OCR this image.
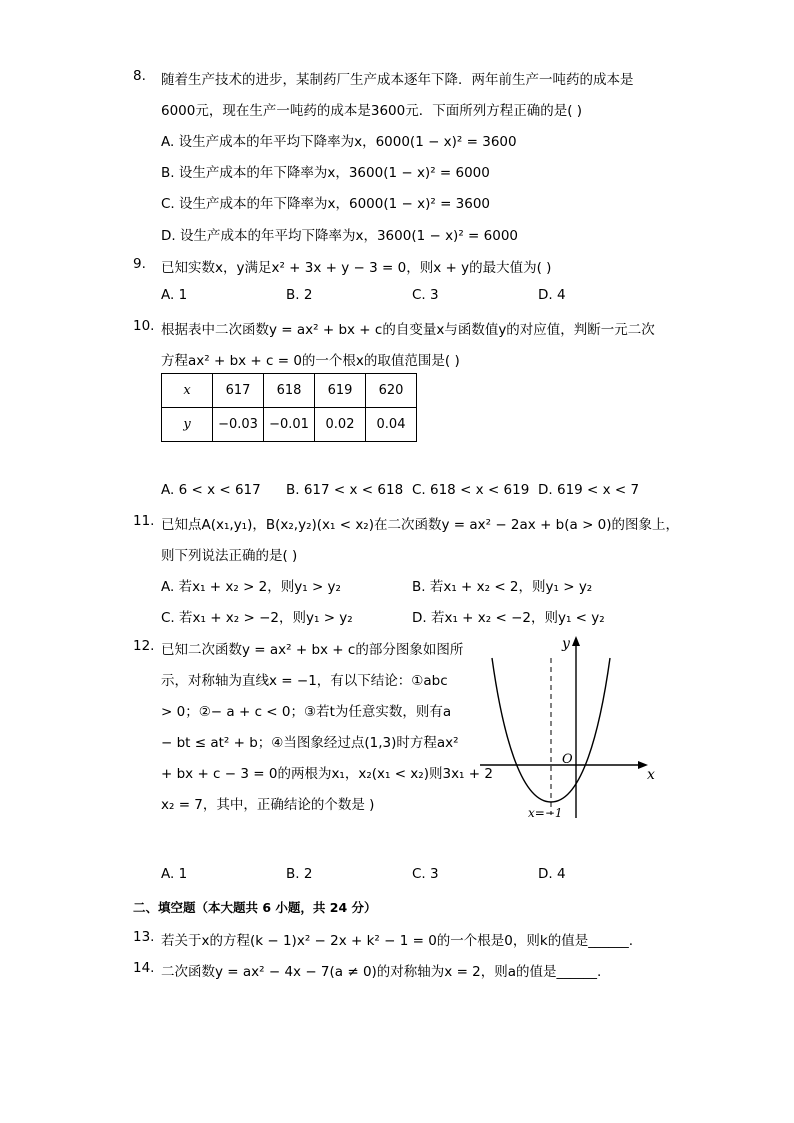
8. 随着生产技术的进步，某制药厂生产成本逐年下降．两年前生产一吨药的成本是
6000元，现在生产一吨药的成本是3600元．下面所列方程正确的是( )
A. 设生产成本的年平均下降率为x，6000(1 − x)² = 3600
B. 设生产成本的年下降率为x，3600(1 − x)² = 6000
C. 设生产成本的年下降率为x，6000(1 − x)² = 3600
D. 设生产成本的年平均下降率为x，3600(1 − x)² = 6000
9. 已知实数x，y满足x² + 3x + y − 3 = 0，则x + y的最大值为( )
A. 1	B. 2	C. 3	D. 4
10. 根据表中二次函数y = ax² + bx + c的自变量x与函数值y的对应值，判断一元二次
方程ax² + bx + c = 0的一个根x的取值范围是( )
x	617	618	619	620
y	−0.03	−0.01	0.02	0.04
A. 6 < x < 617 B. 617 < x < 618 C. 618 < x < 619 D. 619 < x < 7
11. 已知点A(x₁,y₁)，B(x₂,y₂)(x₁ < x₂)在二次函数y = ax² − 2ax + b(a > 0)的图象上，
则下列说法正确的是( )
A. 若x₁ + x₂ > 2，则y₁ > y₂	B. 若x₁ + x₂ < 2，则y₁ > y₂
C. 若x₁ + x₂ > −2，则y₁ > y₂	D. 若x₁ + x₂ < −2，则y₁ < y₂
12. 已知二次函数y = ax² + bx + c的部分图象如图所
示，对称轴为直线x = −1，有以下结论：①abc
> 0；②− a + c < 0；③若t为任意实数，则有a
− bt ≤ at² + b；④当图象经过点(1,3)时方程ax²
+ bx + c − 3 = 0的两根为x₁，x₂(x₁ < x₂)则3x₁ + 2
x₂ = 7，其中，正确结论的个数是 )
y
x
O
x=−1
A. 1	B. 2	C. 3	D. 4
二、填空题（本大题共 6 小题，共 24 分）
13. 若关于x的方程(k − 1)x² − 2x + k² − 1 = 0的一个根是0，则k的值是______.
14. 二次函数y = ax² − 4x − 7(a ≠ 0)的对称轴为x = 2，则a的值是______.
